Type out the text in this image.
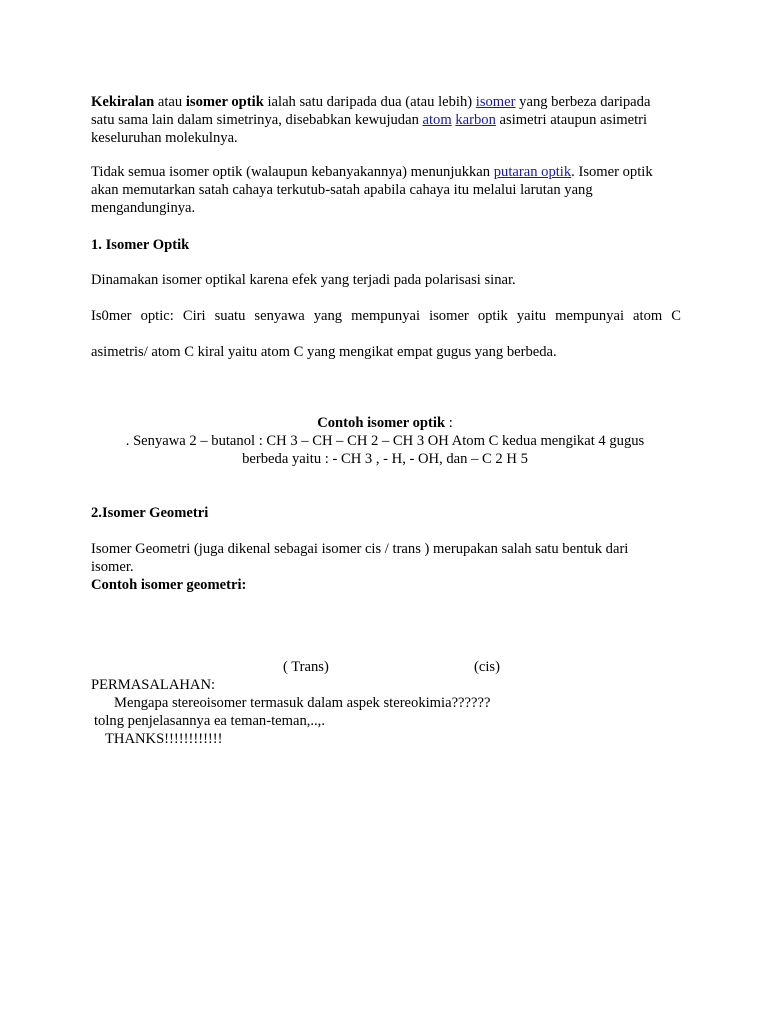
Kekiralan atau isomer optik ialah satu daripada dua (atau lebih) isomer yang berbeza daripada
satu sama lain dalam simetrinya, disebabkan kewujudan atom karbon asimetri ataupun asimetri
keseluruhan molekulnya.
Tidak semua isomer optik (walaupun kebanyakannya) menunjukkan putaran optik. Isomer optik
akan memutarkan satah cahaya terkutub-satah apabila cahaya itu melalui larutan yang
mengandunginya.
1. Isomer Optik
Dinamakan isomer optikal karena efek yang terjadi pada polarisasi sinar.
Is0mer optic: Ciri suatu senyawa yang mempunyai isomer optik yaitu mempunyai atom C
asimetris/ atom C kiral yaitu atom C yang mengikat empat gugus yang berbeda.
Contoh isomer optik :
. Senyawa 2 – butanol : CH 3 – CH – CH 2 – CH 3 OH Atom C kedua mengikat 4 gugus
berbeda yaitu : - CH 3 , - H, - OH, dan – C 2 H 5
2.Isomer Geometri
Isomer Geometri (juga dikenal sebagai isomer cis / trans ) merupakan salah satu bentuk dari
isomer.
Contoh isomer geometri:
( Trans)	(cis)
PERMASALAHAN:
Mengapa stereoisomer termasuk dalam aspek stereokimia??????
tolng penjelasannya ea teman-teman,..,.
THANKS!!!!!!!!!!!!
